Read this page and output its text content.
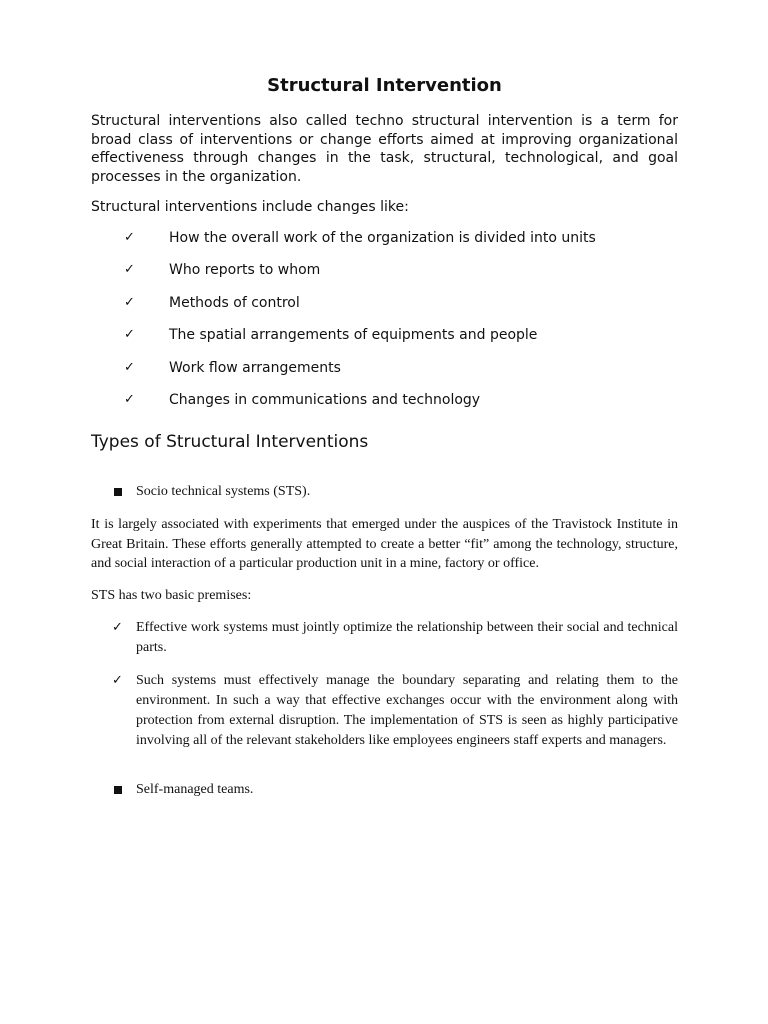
Structural Intervention

Structural interventions also called techno structural intervention is a term for broad class of interventions or change efforts aimed at improving organizational effectiveness through changes in the task, structural, technological, and goal processes in the organization.

Structural interventions include changes like:

✓ How the overall work of the organization is divided into units
✓ Who reports to whom
✓ Methods of control
✓ The spatial arrangements of equipments and people
✓ Work flow arrangements
✓ Changes in communications and technology
Types of Structural Interventions
Socio technical systems (STS).

It is largely associated with experiments that emerged under the auspices of the Travistock Institute in Great Britain. These efforts generally attempted to create a better “fit” among the technology, structure, and social interaction of a particular production unit in a mine, factory or office.

STS has two basic premises:

✓ Effective work systems must jointly optimize the relationship between their social and technical parts.
✓ Such systems must effectively manage the boundary separating and relating them to the environment. In such a way that effective exchanges occur with the environment along with protection from external disruption. The implementation of STS is seen as highly participative involving all of the relevant stakeholders like employees engineers staff experts and managers.
Self-managed teams.
